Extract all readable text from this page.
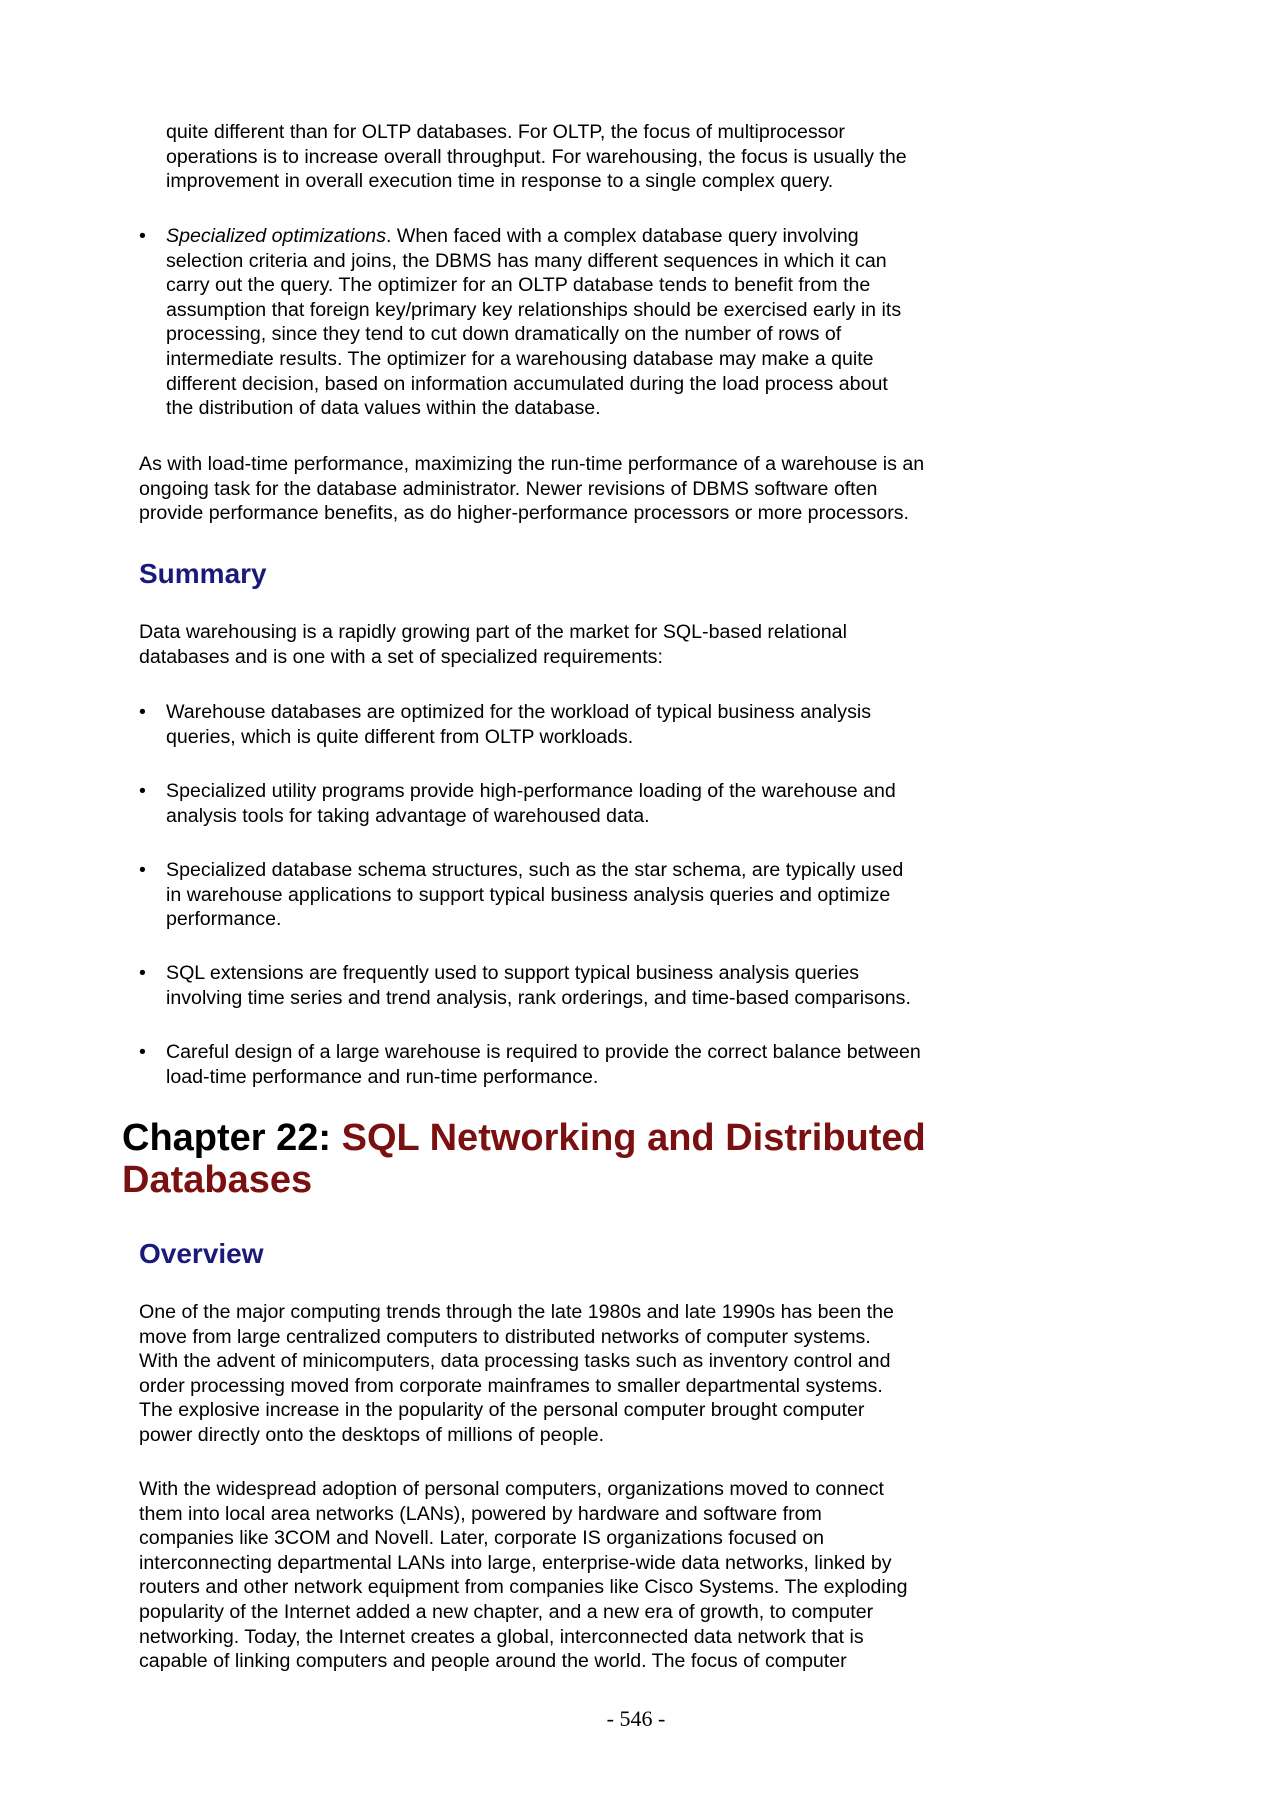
quite different than for OLTP databases. For OLTP, the focus of multiprocessor
operations is to increase overall throughput. For warehousing, the focus is usually the
improvement in overall execution time in response to a single complex query.

• Specialized optimizations. When faced with a complex database query involving
selection criteria and joins, the DBMS has many different sequences in which it can
carry out the query. The optimizer for an OLTP database tends to benefit from the
assumption that foreign key/primary key relationships should be exercised early in its
processing, since they tend to cut down dramatically on the number of rows of
intermediate results. The optimizer for a warehousing database may make a quite
different decision, based on information accumulated during the load process about
the distribution of data values within the database.

As with load-time performance, maximizing the run-time performance of a warehouse is an
ongoing task for the database administrator. Newer revisions of DBMS software often
provide performance benefits, as do higher-performance processors or more processors.

Summary

Data warehousing is a rapidly growing part of the market for SQL-based relational
databases and is one with a set of specialized requirements:

• Warehouse databases are optimized for the workload of typical business analysis
queries, which is quite different from OLTP workloads.

• Specialized utility programs provide high-performance loading of the warehouse and
analysis tools for taking advantage of warehoused data.

• Specialized database schema structures, such as the star schema, are typically used
in warehouse applications to support typical business analysis queries and optimize
performance.

• SQL extensions are frequently used to support typical business analysis queries
involving time series and trend analysis, rank orderings, and time-based comparisons.

• Careful design of a large warehouse is required to provide the correct balance between
load-time performance and run-time performance.

Chapter 22: SQL Networking and Distributed Databases
Overview

One of the major computing trends through the late 1980s and late 1990s has been the
move from large centralized computers to distributed networks of computer systems.
With the advent of minicomputers, data processing tasks such as inventory control and
order processing moved from corporate mainframes to smaller departmental systems.
The explosive increase in the popularity of the personal computer brought computer
power directly onto the desktops of millions of people.

With the widespread adoption of personal computers, organizations moved to connect
them into local area networks (LANs), powered by hardware and software from
companies like 3COM and Novell. Later, corporate IS organizations focused on
interconnecting departmental LANs into large, enterprise-wide data networks, linked by
routers and other network equipment from companies like Cisco Systems. The exploding
popularity of the Internet added a new chapter, and a new era of growth, to computer
networking. Today, the Internet creates a global, interconnected data network that is
capable of linking computers and people around the world. The focus of computer

- 546 -
